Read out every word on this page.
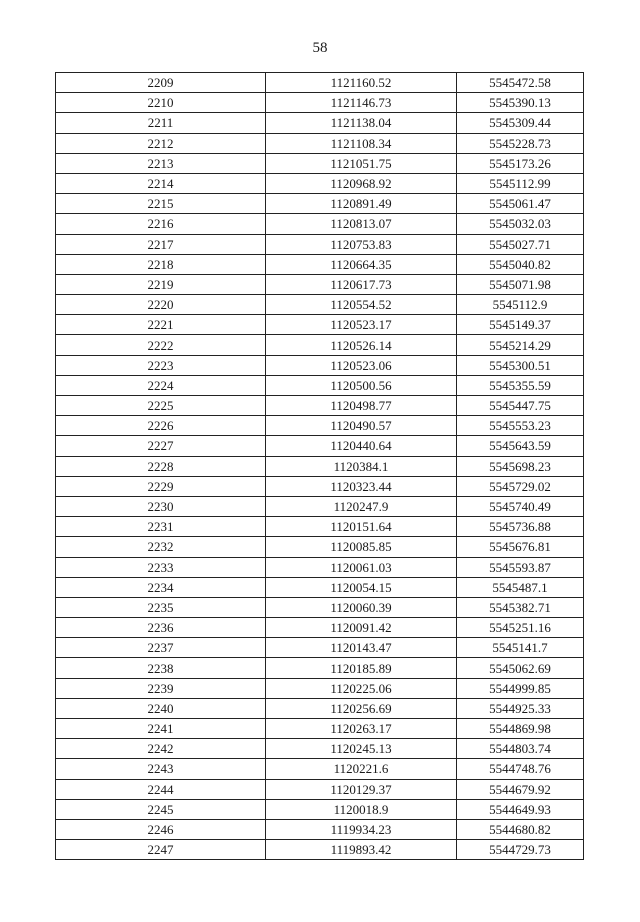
58
2209	1121160.52	5545472.58
2210	1121146.73	5545390.13
2211	1121138.04	5545309.44
2212	1121108.34	5545228.73
2213	1121051.75	5545173.26
2214	1120968.92	5545112.99
2215	1120891.49	5545061.47
2216	1120813.07	5545032.03
2217	1120753.83	5545027.71
2218	1120664.35	5545040.82
2219	1120617.73	5545071.98
2220	1120554.52	5545112.9
2221	1120523.17	5545149.37
2222	1120526.14	5545214.29
2223	1120523.06	5545300.51
2224	1120500.56	5545355.59
2225	1120498.77	5545447.75
2226	1120490.57	5545553.23
2227	1120440.64	5545643.59
2228	1120384.1	5545698.23
2229	1120323.44	5545729.02
2230	1120247.9	5545740.49
2231	1120151.64	5545736.88
2232	1120085.85	5545676.81
2233	1120061.03	5545593.87
2234	1120054.15	5545487.1
2235	1120060.39	5545382.71
2236	1120091.42	5545251.16
2237	1120143.47	5545141.7
2238	1120185.89	5545062.69
2239	1120225.06	5544999.85
2240	1120256.69	5544925.33
2241	1120263.17	5544869.98
2242	1120245.13	5544803.74
2243	1120221.6	5544748.76
2244	1120129.37	5544679.92
2245	1120018.9	5544649.93
2246	1119934.23	5544680.82
2247	1119893.42	5544729.73
